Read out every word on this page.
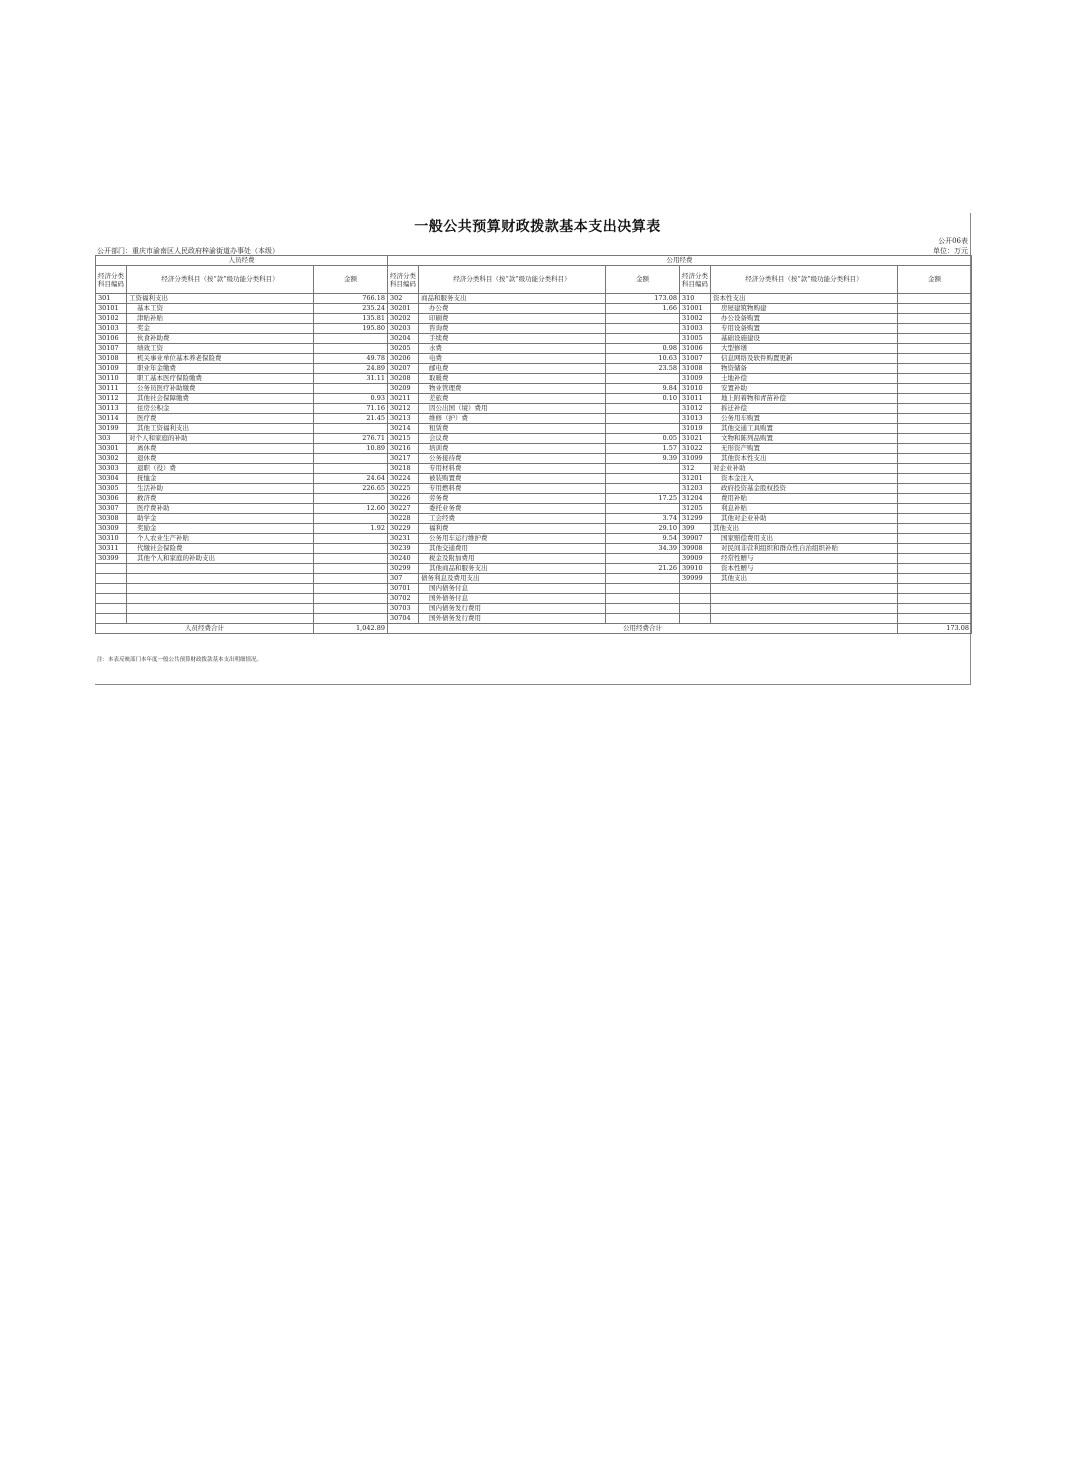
一般公共预算财政拨款基本支出决算表
公开06表
单位：万元
公开部门：重庆市渝南区人民政府梓渝街道办事处（本级）
人员经费			公用经费					
经济分类科目编码	经济分类科目（按“款”级功能分类科目）	金额	经济分类科目编码	经济分类科目（按“款”级功能分类科目）	金额	经济分类科目编码	经济分类科目（按“款”级功能分类科目）	金额
301	工资福利支出	766.18	302	商品和服务支出	173.08	310	资本性支出	
30101	基本工资	235.24	30201	办公费	1.66	31001	房屋建筑物购建	
30102	津贴补贴	135.81	30202	印刷费		31002	办公设备购置	
30103	奖金	195.80	30203	咨询费		31003	专用设备购置	
30106	伙食补助费		30204	手续费		31005	基础设施建设	
30107	绩效工资		30205	水费	0.98	31006	大型修缮	
30108	机关事业单位基本养老保险费	49.78	30206	电费	10.63	31007	信息网络及软件购置更新	
30109	职业年金缴费	24.89	30207	邮电费	23.58	31008	物资储备	
30110	职工基本医疗保险缴费	31.11	30208	取暖费		31009	土地补偿	
30111	公务员医疗补助缴费		30209	物业管理费	9.84	31010	安置补助	
30112	其他社会保障缴费	0.93	30211	差旅费	0.10	31011	地上附着物和青苗补偿	
30113	住房公积金	71.16	30212	因公出国（境）费用		31012	拆迁补偿	
30114	医疗费	21.45	30213	维修（护）费		31013	公务用车购置	
30199	其他工资福利支出		30214	租赁费		31019	其他交通工具购置	
303	对个人和家庭的补助	276.71	30215	会议费	0.05	31021	文物和陈列品购置	
30301	离休费	10.89	30216	培训费	1.57	31022	无形资产购置	
30302	退休费		30217	公务接待费	9.39	31099	其他资本性支出	
30303	退职（役）费		30218	专用材料费		312	对企业补助	
30304	抚恤金	24.64	30224	被装购置费		31201	资本金注入	
30305	生活补助	226.65	30225	专用燃料费		31203	政府投资基金股权投资	
30306	救济费		30226	劳务费	17.25	31204	费用补贴	
30307	医疗费补助	12.60	30227	委托业务费		31205	利息补贴	
30308	助学金		30228	工会经费	3.74	31299	其他对企业补助	
30309	奖励金	1.92	30229	福利费	29.10	399	其他支出	
30310	个人农业生产补贴		30231	公务用车运行维护费	9.54	39907	国家赔偿费用支出	
30311	代缴社会保险费		30239	其他交通费用	34.39	39908	对民间非营利组织和群众性自治组织补贴	
30399	其他个人和家庭的补助支出		30240	税金及附加费用		39909	经常性赠与	
			30299	其他商品和服务支出	21.26	39910	资本性赠与	
			307	债务利息及费用支出		39999	其他支出	
			30701	国内债务付息				
			30702	国外债务付息				
			30703	国内债务发行费用				
			30704	国外债务发行费用				
人员经费合计		1,042.89	公用经费合计					173.08
注：本表反映部门本年度一般公共预算财政拨款基本支出明细情况。
